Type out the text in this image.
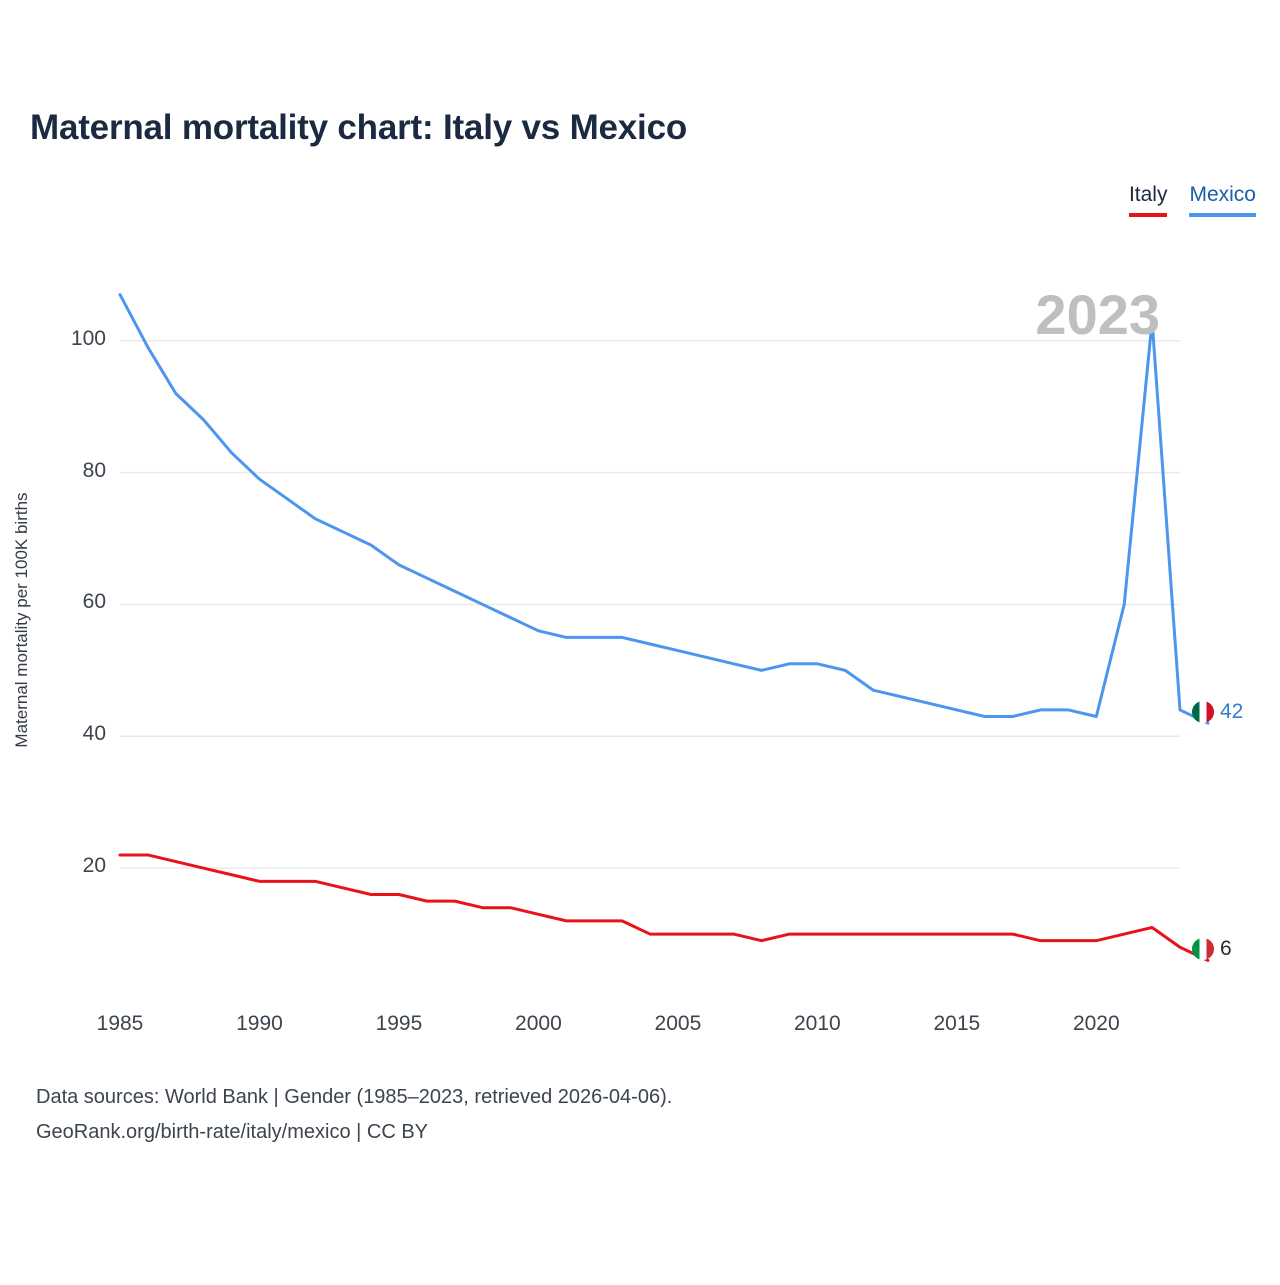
Maternal mortality chart: Italy vs Mexico
Italy Mexico
Maternal mortality per 100K births
2023
42
6
20
40
60
80
100
1985	1990	1995	2000	2005	2010	2015	2020
Data sources: World Bank | Gender (1985–2023, retrieved 2026-04-06).
GeoRank.org/birth-rate/italy/mexico | CC BY
